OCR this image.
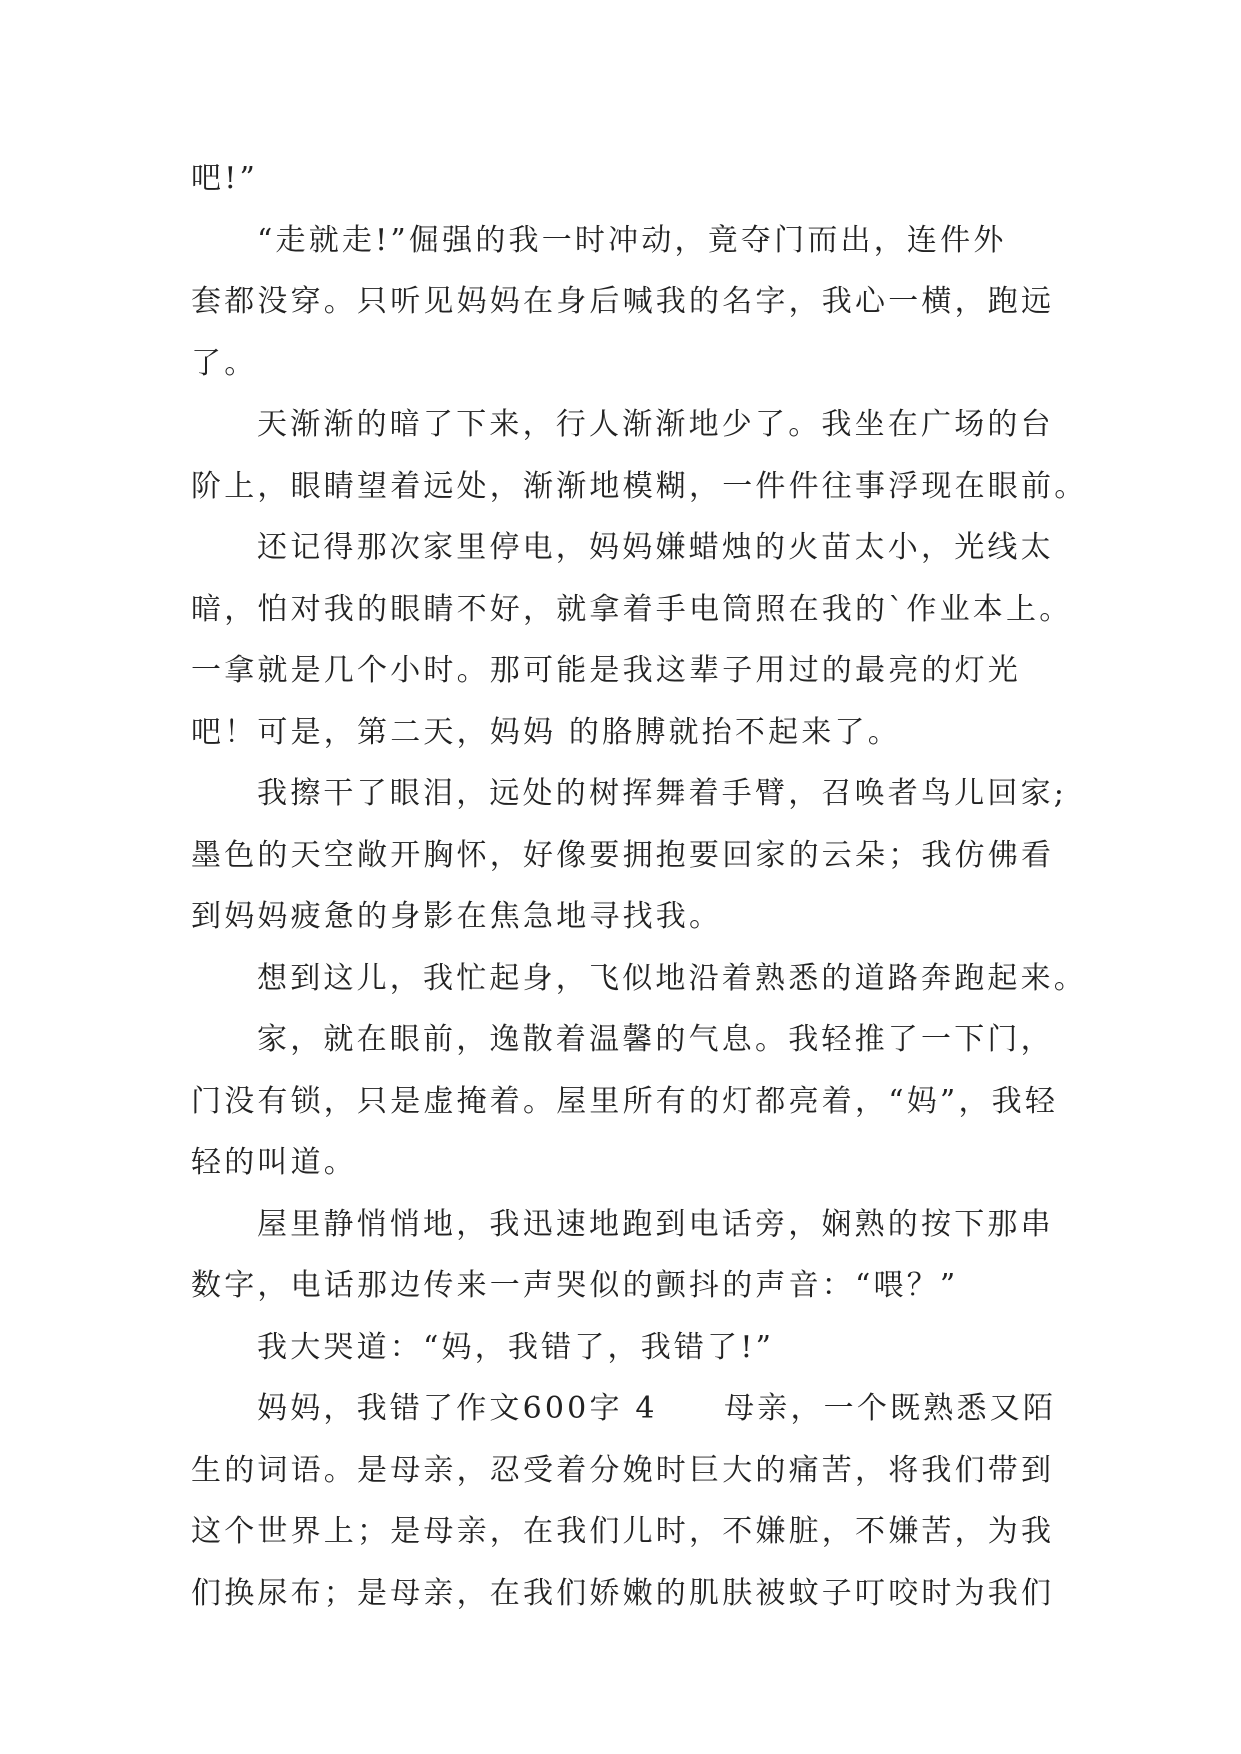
吧!”
“走就走!”倔强的我一时冲动，竟夺门而出，连件外
套都没穿。只听见妈妈在身后喊我的名字，我心一横，跑远
了。
天渐渐的暗了下来，行人渐渐地少了。我坐在广场的台
阶上，眼睛望着远处，渐渐地模糊，一件件往事浮现在眼前。
还记得那次家里停电，妈妈嫌蜡烛的火苗太小，光线太
暗，怕对我的眼睛不好，就拿着手电筒照在我的`作业本上。
一拿就是几个小时。那可能是我这辈子用过的最亮的灯光
吧！可是，第二天，妈妈 的胳膊就抬不起来了。
我擦干了眼泪，远处的树挥舞着手臂，召唤者鸟儿回家;
墨色的天空敞开胸怀，好像要拥抱要回家的云朵；我仿佛看
到妈妈疲惫的身影在焦急地寻找我。
想到这儿，我忙起身，飞似地沿着熟悉的道路奔跑起来。
家，就在眼前，逸散着温馨的气息。我轻推了一下门，
门没有锁，只是虚掩着。屋里所有的灯都亮着，“妈”，我轻
轻的叫道。
屋里静悄悄地，我迅速地跑到电话旁，娴熟的按下那串
数字，电话那边传来一声哭似的颤抖的声音：“喂？”
我大哭道：“妈，我错了，我错了!”
妈妈，我错了作文600字 4　　母亲，一个既熟悉又陌
生的词语。是母亲，忍受着分娩时巨大的痛苦，将我们带到
这个世界上；是母亲，在我们儿时，不嫌脏，不嫌苦，为我
们换尿布；是母亲，在我们娇嫩的肌肤被蚊子叮咬时为我们
